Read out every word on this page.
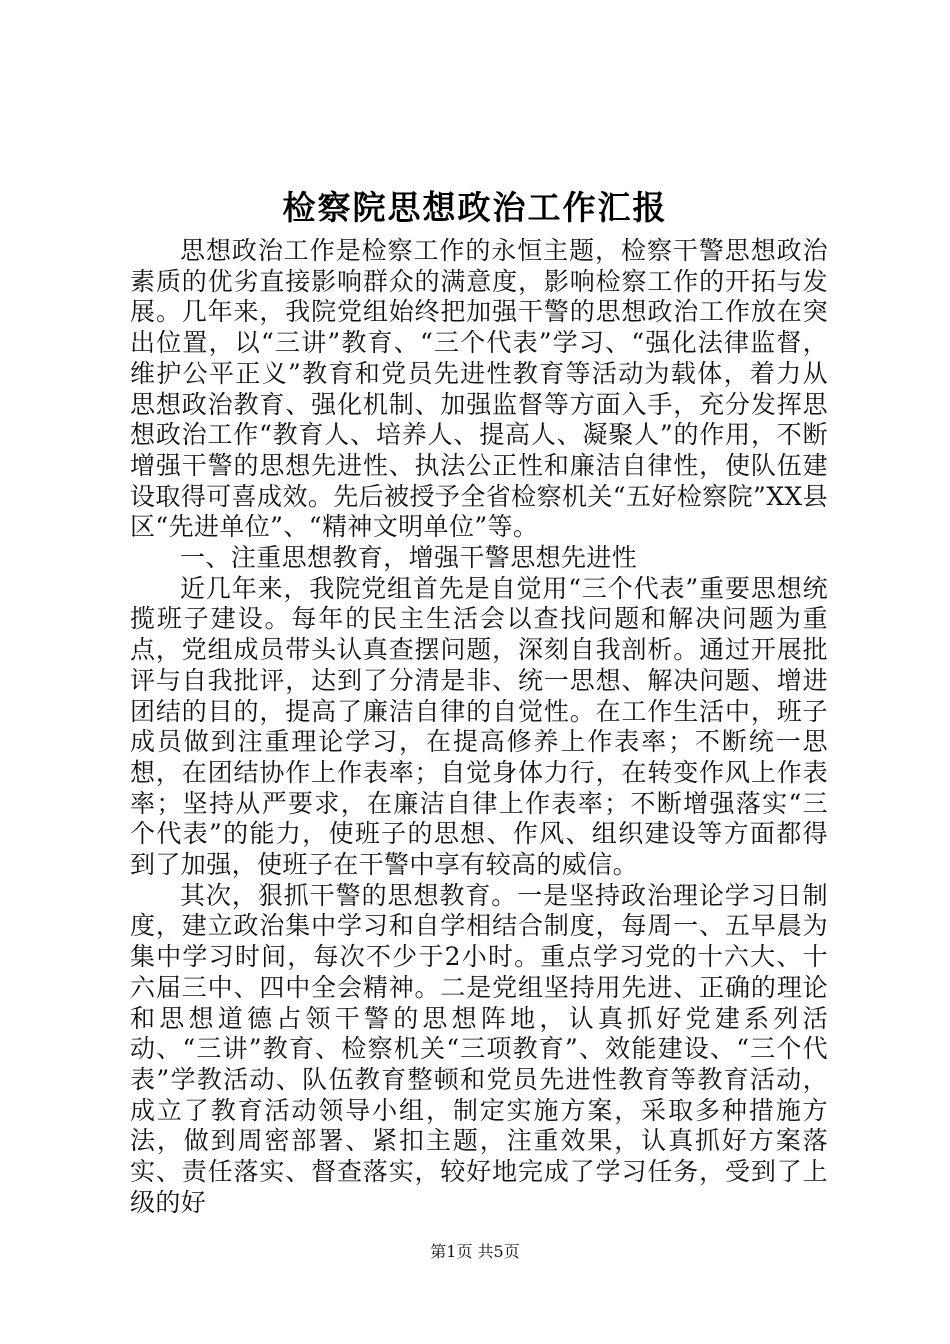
检察院思想政治工作汇报

思想政治工作是检察工作的永恒主题，检察干警思想政治素质的优劣直接影响群众的满意度，影响检察工作的开拓与发展。几年来，我院党组始终把加强干警的思想政治工作放在突出位置，以“三讲”教育、“三个代表”学习、“强化法律监督，维护公平正义”教育和党员先进性教育等活动为载体，着力从思想政治教育、强化机制、加强监督等方面入手，充分发挥思想政治工作“教育人、培养人、提高人、凝聚人”的作用，不断增强干警的思想先进性、执法公正性和廉洁自律性，使队伍建设取得可喜成效。先后被授予全省检察机关“五好检察院”XX县区“先进单位”、“精神文明单位”等。

一、注重思想教育，增强干警思想先进性

近几年来，我院党组首先是自觉用“三个代表”重要思想统揽班子建设。每年的民主生活会以查找问题和解决问题为重点，党组成员带头认真查摆问题，深刻自我剖析。通过开展批评与自我批评，达到了分清是非、统一思想、解决问题、增进团结的目的，提高了廉洁自律的自觉性。在工作生活中，班子成员做到注重理论学习，在提高修养上作表率；不断统一思想，在团结协作上作表率；自觉身体力行，在转变作风上作表率；坚持从严要求，在廉洁自律上作表率；不断增强落实“三个代表”的能力，使班子的思想、作风、组织建设等方面都得到了加强，使班子在干警中享有较高的威信。

其次，狠抓干警的思想教育。一是坚持政治理论学习日制度，建立政治集中学习和自学相结合制度，每周一、五早晨为集中学习时间，每次不少于2小时。重点学习党的十六大、十六届三中、四中全会精神。二是党组坚持用先进、正确的理论和思想道德占领干警的思想阵地，认真抓好党建系列活动、“三讲”教育、检察机关“三项教育”、效能建设、“三个代表”学教活动、队伍教育整顿和党员先进性教育等教育活动，成立了教育活动领导小组，制定实施方案，采取多种措施方法，做到周密部署、紧扣主题，注重效果，认真抓好方案落实、责任落实、督查落实，较好地完成了学习任务，受到了上级的好

第1页 共5页
